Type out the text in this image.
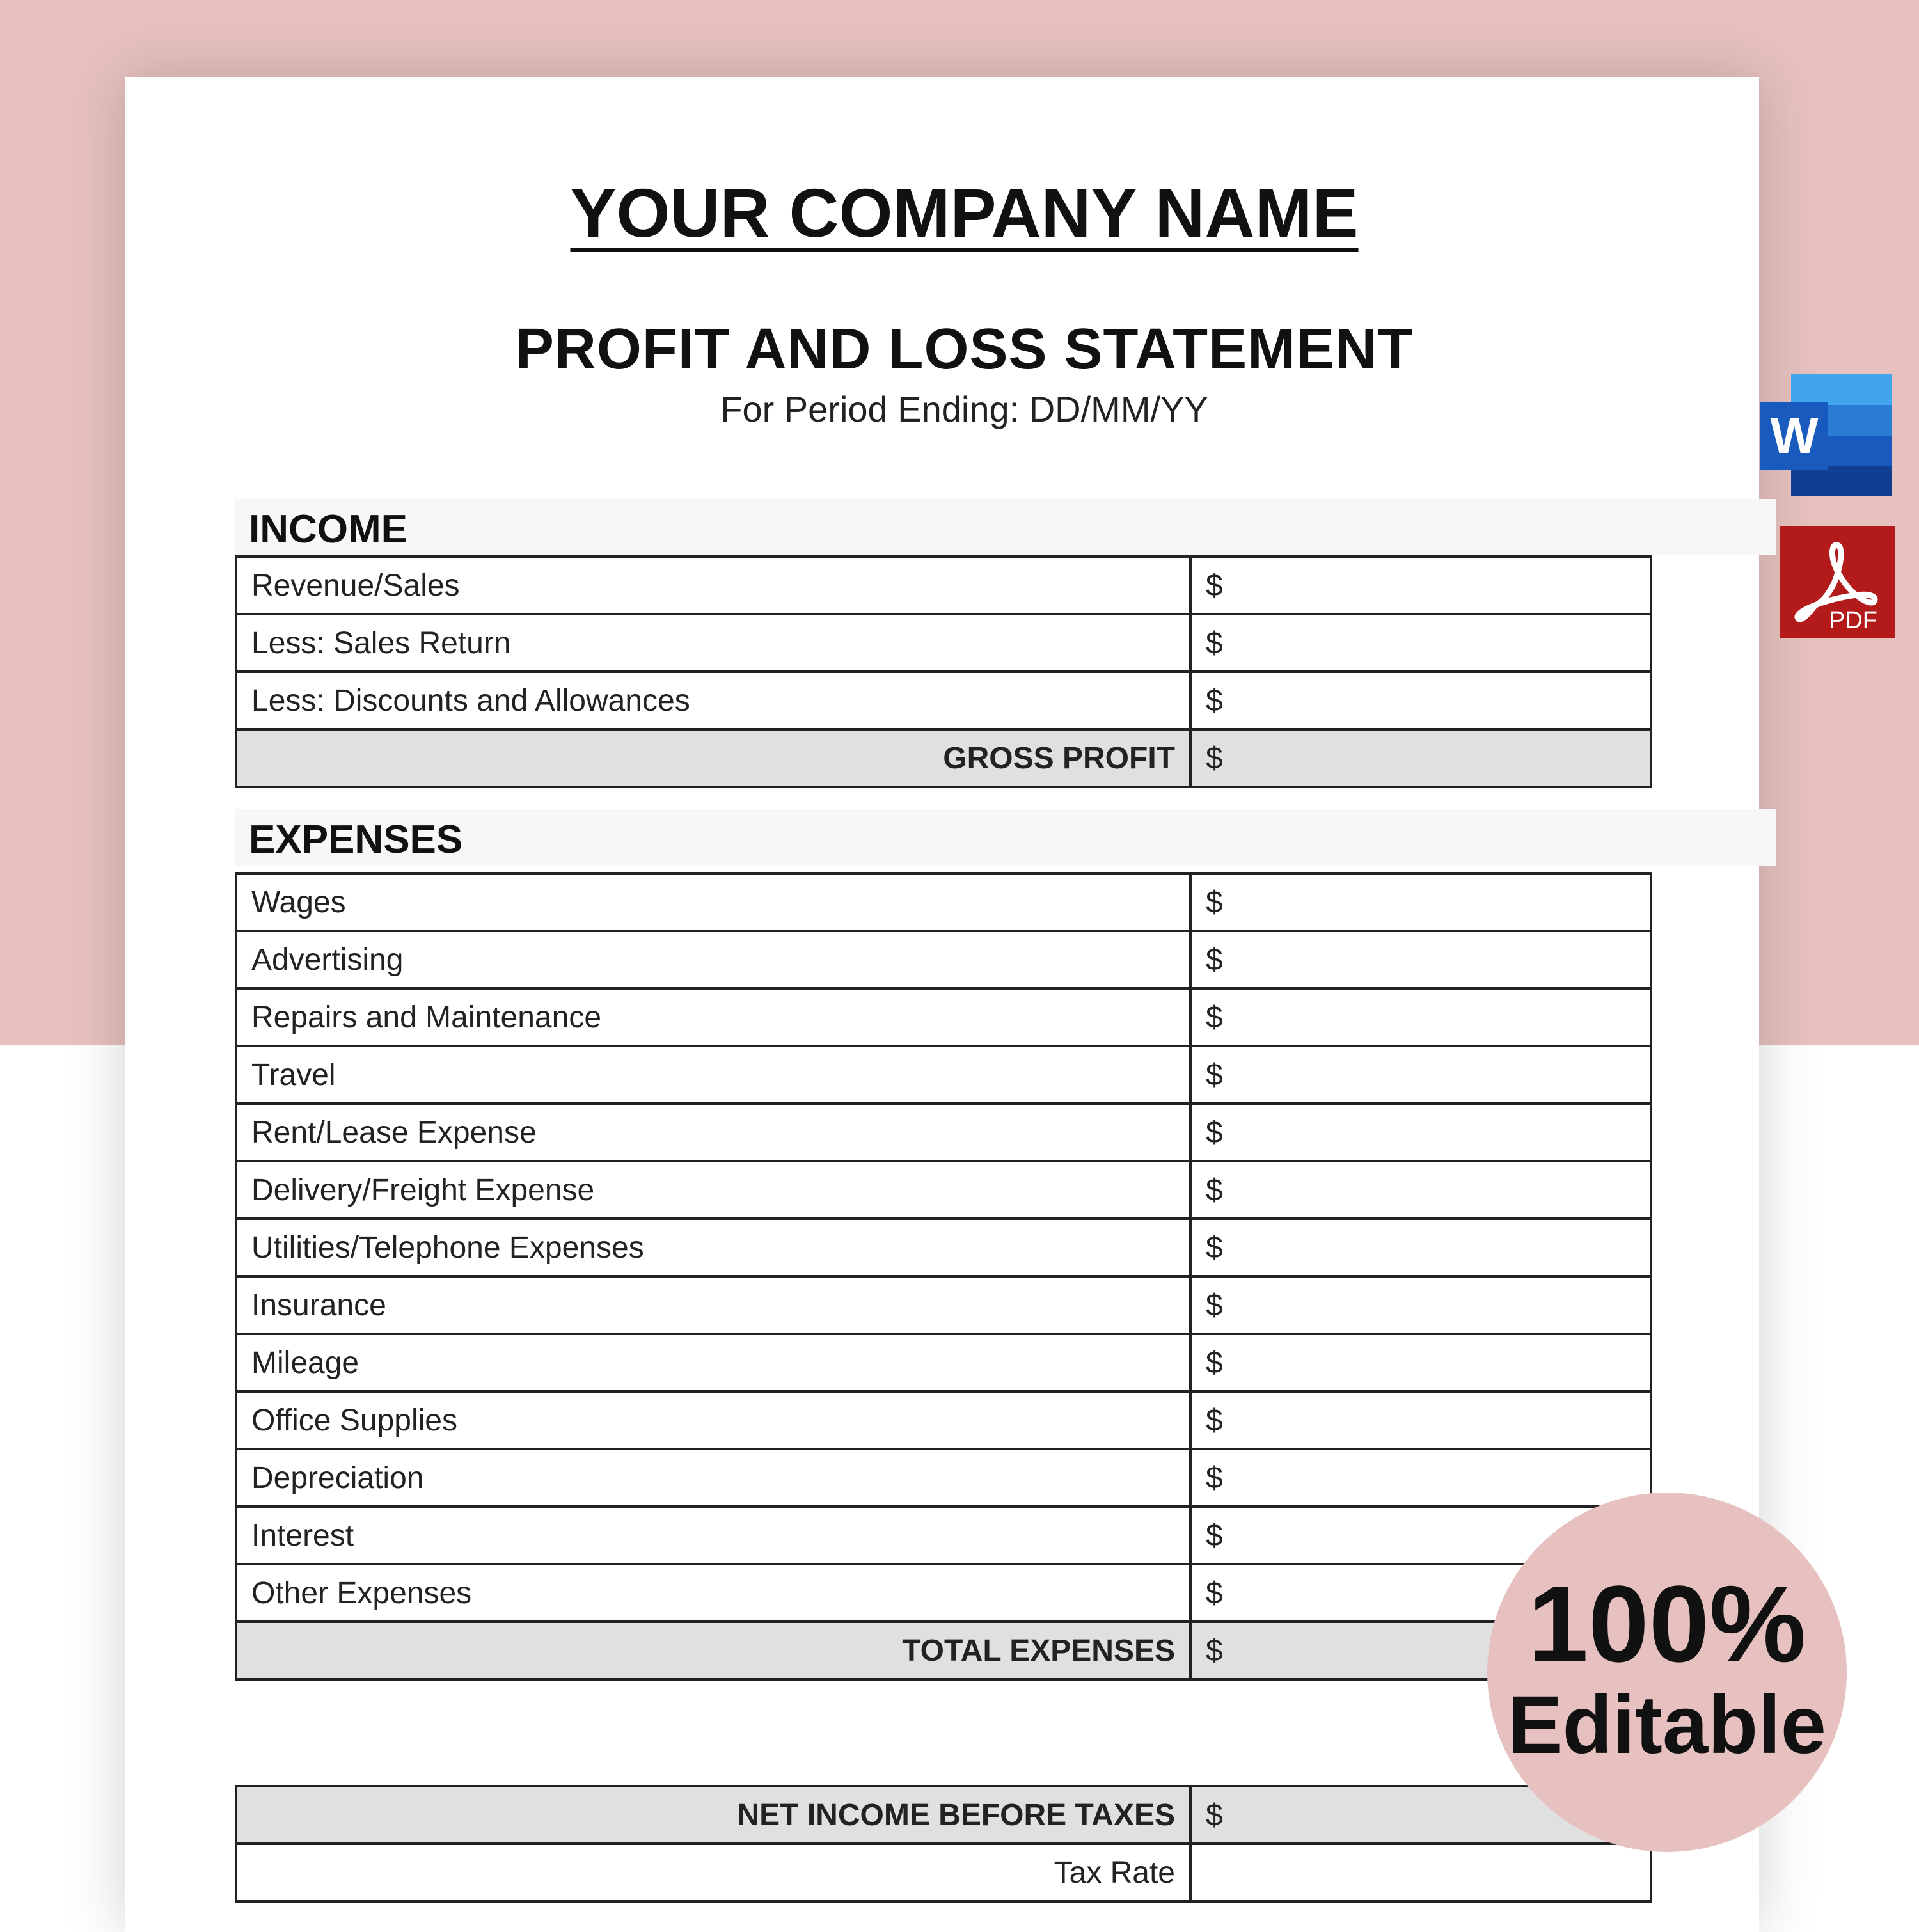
YOUR COMPANY NAME
PROFIT AND LOSS STATEMENT
For Period Ending: DD/MM/YY
INCOME
Revenue/Sales	$
Less: Sales Return	$
Less: Discounts and Allowances	$
GROSS PROFIT	$
EXPENSES
Wages	$
Advertising	$
Repairs and Maintenance	$
Travel	$
Rent/Lease Expense	$
Delivery/Freight Expense	$
Utilities/Telephone Expenses	$
Insurance	$
Mileage	$
Office Supplies	$
Depreciation	$
Interest	$
Other Expenses	$
TOTAL EXPENSES	$
NET INCOME BEFORE TAXES	$
Tax Rate	
W
PDF
100%
Editable
